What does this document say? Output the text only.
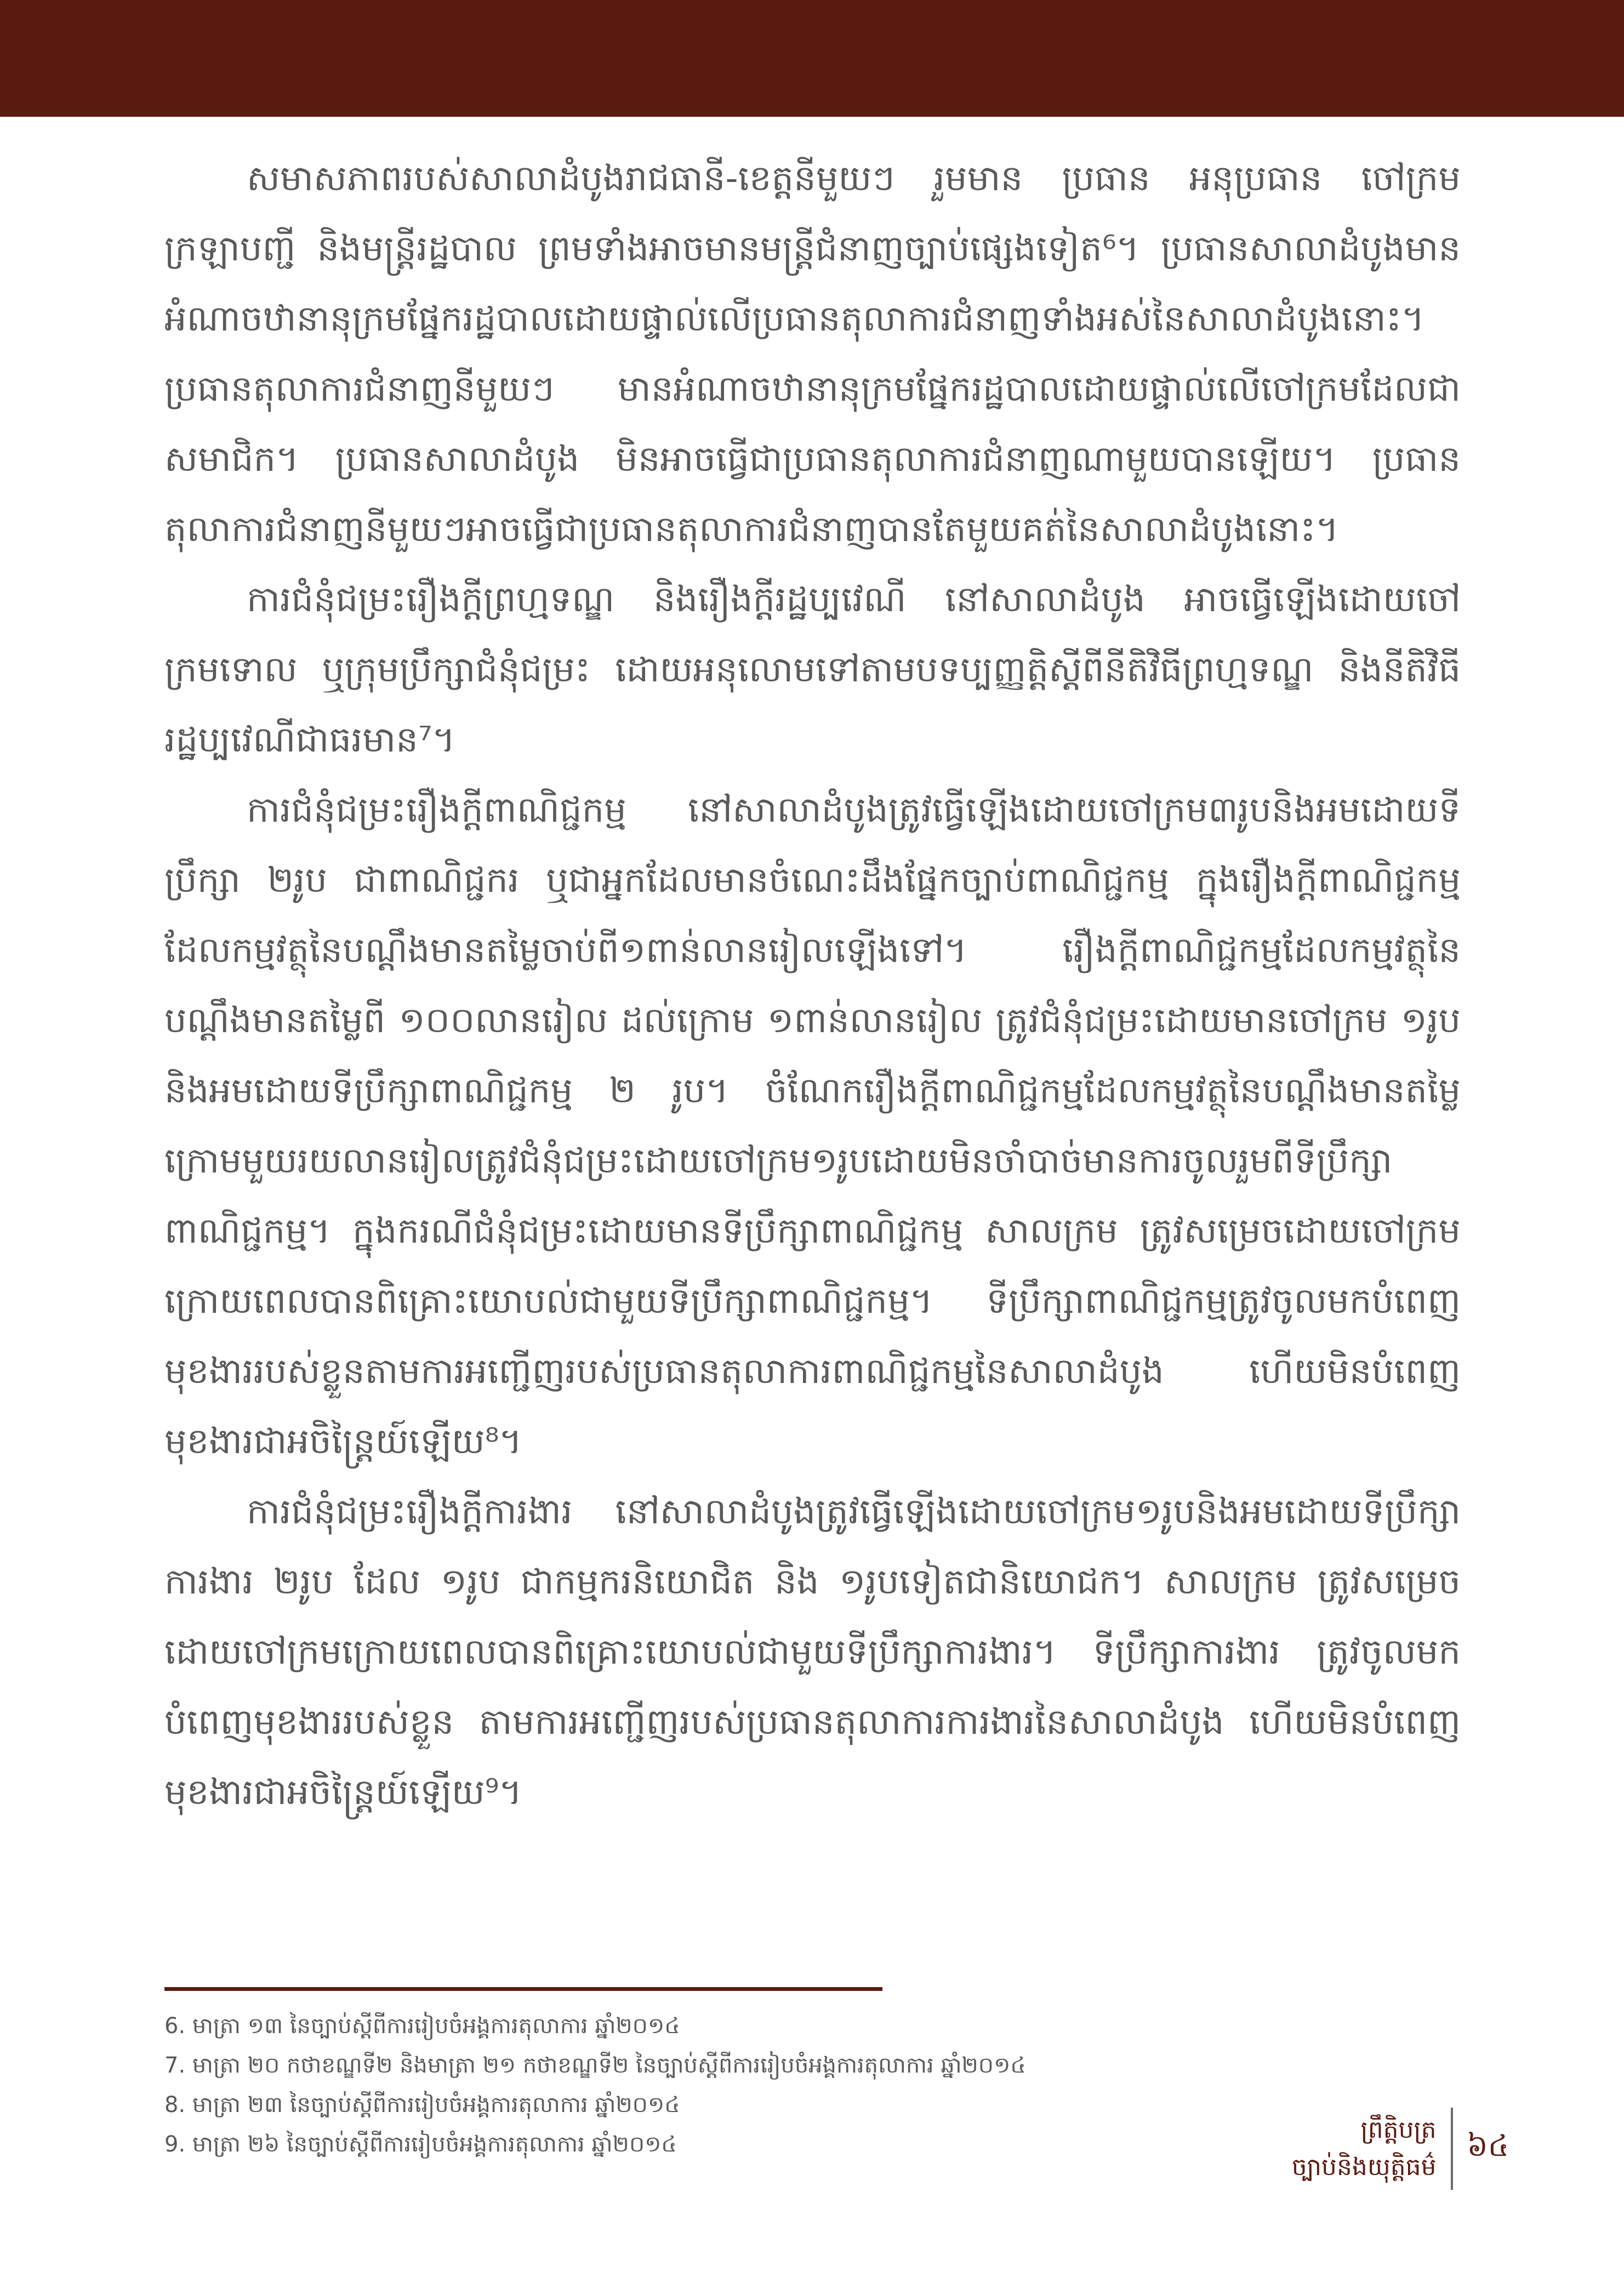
សមាសភាពរបស់សាលាដំបូងរាជធានី-ខេត្តនីមួយៗ រួមមាន ប្រធាន អនុប្រធាន ចៅក្រម ក្រឡាបញ្ជី និងមន្ត្រីរដ្ឋបាល ព្រមទាំងអាចមានមន្ត្រីជំនាញច្បាប់ផ្សេងទៀត⁶។ ប្រធានសាលាដំបូងមានអំណាចឋានានុក្រមផ្នែករដ្ឋបាលដោយផ្ទាល់លើប្រធានតុលាការជំនាញទាំងអស់នៃសាលាដំបូងនោះ។ ប្រធានតុលាការជំនាញនីមួយៗ មានអំណាចឋានានុក្រមផ្នែករដ្ឋបាលដោយផ្ទាល់លើចៅក្រមដែលជាសមាជិក។ ប្រធានសាលាដំបូង មិនអាចធ្វើជាប្រធានតុលាការជំនាញណាមួយបានឡើយ។ ប្រធានតុលាការជំនាញនីមួយៗអាចធ្វើជាប្រធានតុលាការជំនាញបានតែមួយគត់នៃសាលាដំបូងនោះ។

ការជំនុំជម្រះរឿងក្តីព្រហ្មទណ្ឌ និងរឿងក្តីរដ្ឋប្បវេណី នៅសាលាដំបូង អាចធ្វើឡើងដោយចៅក្រមទោល ឬក្រុមប្រឹក្សាជំនុំជម្រះ ដោយអនុលោមទៅតាមបទប្បញ្ញត្តិស្តីពីនីតិវិធីព្រហ្មទណ្ឌ និងនីតិវិធីរដ្ឋប្បវេណីជាធរមាន⁷។

ការជំនុំជម្រះរឿងក្តីពាណិជ្ជកម្ម នៅសាលាដំបូងត្រូវធ្វើឡើងដោយចៅក្រម៣រូបនិងអមដោយទីប្រឹក្សា ២រូប ជាពាណិជ្ជករ ឬជាអ្នកដែលមានចំណេះដឹងផ្នែកច្បាប់ពាណិជ្ជកម្ម ក្នុងរឿងក្តីពាណិជ្ជកម្មដែលកម្មវត្ថុនៃបណ្តឹងមានតម្លៃចាប់ពី១ពាន់លានរៀលឡើងទៅ។ រឿងក្តីពាណិជ្ជកម្មដែលកម្មវត្ថុនៃបណ្តឹងមានតម្លៃពី ១០០លានរៀល ដល់ក្រោម ១ពាន់លានរៀល ត្រូវជំនុំជម្រះដោយមានចៅក្រម ១រូប និងអមដោយទីប្រឹក្សាពាណិជ្ជកម្ម ២ រូប។ ចំណែករឿងក្តីពាណិជ្ជកម្មដែលកម្មវត្ថុនៃបណ្តឹងមានតម្លៃក្រោមមួយរយលានរៀលត្រូវជំនុំជម្រះដោយចៅក្រម១រូបដោយមិនចាំបាច់មានការចូលរួមពីទីប្រឹក្សាពាណិជ្ជកម្ម។ ក្នុងករណីជំនុំជម្រះដោយមានទីប្រឹក្សាពាណិជ្ជកម្ម សាលក្រម ត្រូវសម្រេចដោយចៅក្រម ក្រោយពេលបានពិគ្រោះយោបល់ជាមួយទីប្រឹក្សាពាណិជ្ជកម្ម។ ទីប្រឹក្សាពាណិជ្ជកម្មត្រូវចូលមកបំពេញមុខងាររបស់ខ្លួនតាមការអញ្ជើញរបស់ប្រធានតុលាការពាណិជ្ជកម្មនៃសាលាដំបូង ហើយមិនបំពេញមុខងារជាអចិន្ត្រៃយ៍ឡើយ⁸។

ការជំនុំជម្រះរឿងក្តីការងារ នៅសាលាដំបូងត្រូវធ្វើឡើងដោយចៅក្រម១រូបនិងអមដោយទីប្រឹក្សាការងារ ២រូប ដែល ១រូប ជាកម្មករនិយោជិត និង ១រូបទៀតជានិយោជក។ សាលក្រម ត្រូវសម្រេចដោយចៅក្រមក្រោយពេលបានពិគ្រោះយោបល់ជាមួយទីប្រឹក្សាការងារ។ ទីប្រឹក្សាការងារ ត្រូវចូលមកបំពេញមុខងាររបស់ខ្លួន តាមការអញ្ជើញរបស់ប្រធានតុលាការការងារនៃសាលាដំបូង ហើយមិនបំពេញមុខងារជាអចិន្ត្រៃយ៍ឡើយ⁹។

6. មាត្រា ១៣ នៃច្បាប់ស្តីពីការរៀបចំអង្គការតុលាការ ឆ្នាំ២០១៤
7. មាត្រា ២០ កថាខណ្ឌទី២ និងមាត្រា ២១ កថាខណ្ឌទី២ នៃច្បាប់ស្តីពីការរៀបចំអង្គការតុលាការ ឆ្នាំ២០១៤
8. មាត្រា ២៣ នៃច្បាប់ស្តីពីការរៀបចំអង្គការតុលាការ ឆ្នាំ២០១៤
9. មាត្រា ២៦ នៃច្បាប់ស្តីពីការរៀបចំអង្គការតុលាការ ឆ្នាំ២០១៤
ព្រឹត្តិបត្រ
ច្បាប់និងយុត្តិធម៌
៦៤
